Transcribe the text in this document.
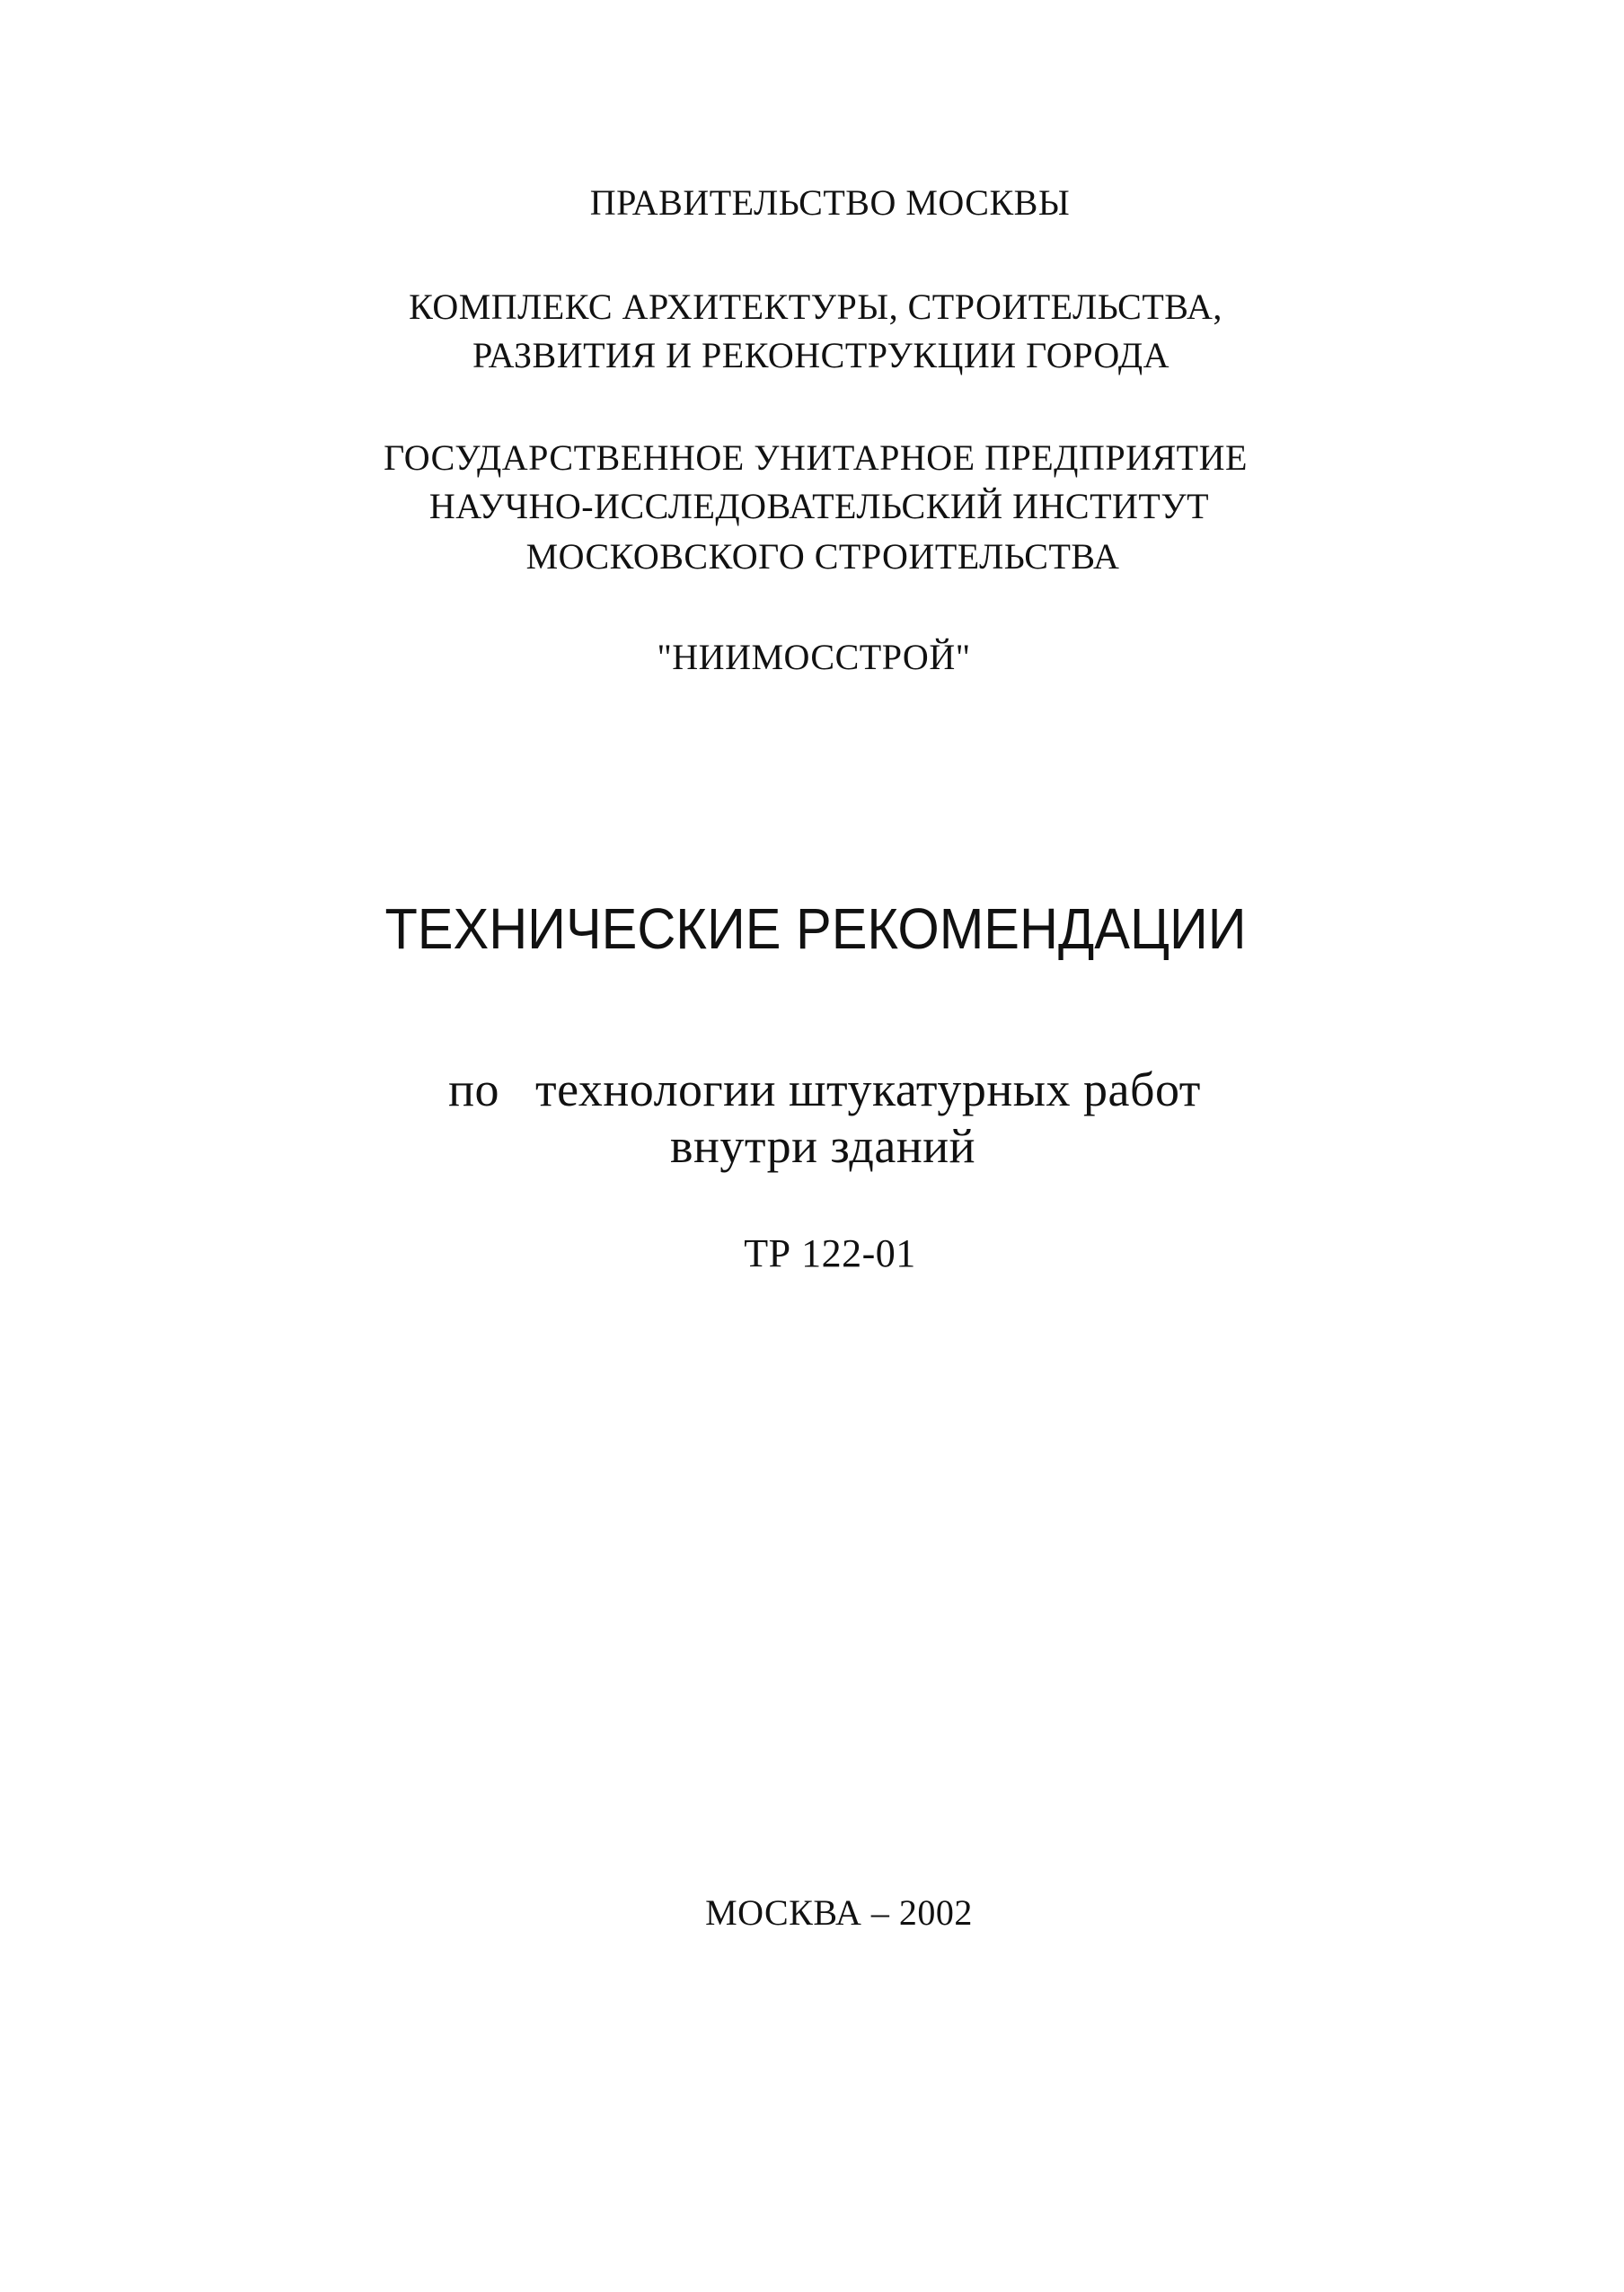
ПРАВИТЕЛЬСТВО МОСКВЫ

КОМПЛЕКС АРХИТЕКТУРЫ, СТРОИТЕЛЬСТВА,

РАЗВИТИЯ И РЕКОНСТРУКЦИИ ГОРОДА

ГОСУДАРСТВЕННОЕ УНИТАРНОЕ ПРЕДПРИЯТИЕ

НАУЧНО-ИССЛЕДОВАТЕЛЬСКИЙ ИНСТИТУТ

МОСКОВСКОГО СТРОИТЕЛЬСТВА

"НИИМОССТРОЙ"

ТЕХНИЧЕСКИЕ РЕКОМЕНДАЦИИ

по технологии штукатурных работ

внутри зданий

ТР 122-01

МОСКВА – 2002
